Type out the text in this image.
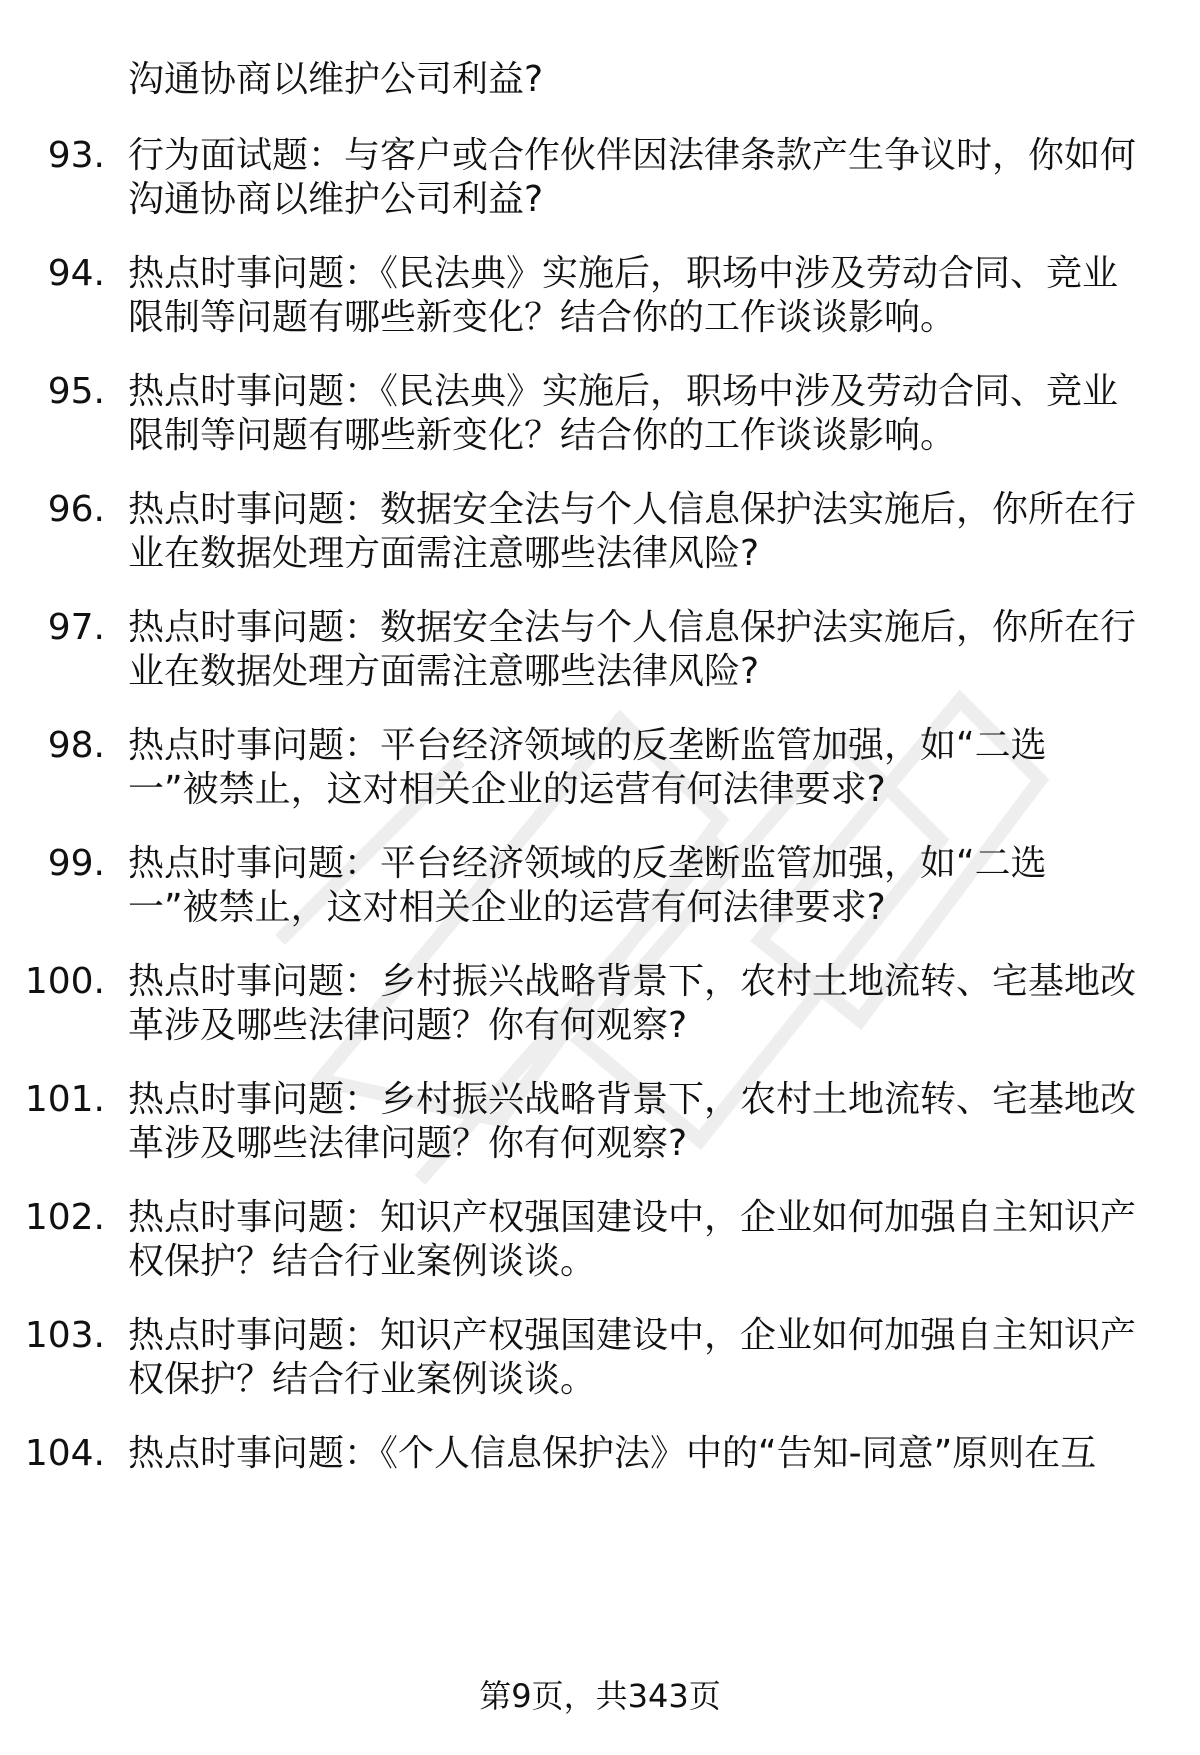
沟通协商以维护公司利益?
93. 行为面试题：与客户或合作伙伴因法律条款产生争议时，你如何
沟通协商以维护公司利益?
94. 热点时事问题：《民法典》实施后，职场中涉及劳动合同、竞业
限制等问题有哪些新变化？结合你的工作谈谈影响。
95. 热点时事问题：《民法典》实施后，职场中涉及劳动合同、竞业
限制等问题有哪些新变化？结合你的工作谈谈影响。
96. 热点时事问题：数据安全法与个人信息保护法实施后，你所在行
业在数据处理方面需注意哪些法律风险?
97. 热点时事问题：数据安全法与个人信息保护法实施后，你所在行
业在数据处理方面需注意哪些法律风险?
98. 热点时事问题：平台经济领域的反垄断监管加强，如“二选
一”被禁止，这对相关企业的运营有何法律要求?
99. 热点时事问题：平台经济领域的反垄断监管加强，如“二选
一”被禁止，这对相关企业的运营有何法律要求?
100. 热点时事问题：乡村振兴战略背景下，农村土地流转、宅基地改
革涉及哪些法律问题？你有何观察?
101. 热点时事问题：乡村振兴战略背景下，农村土地流转、宅基地改
革涉及哪些法律问题？你有何观察?
102. 热点时事问题：知识产权强国建设中，企业如何加强自主知识产
权保护？结合行业案例谈谈。
103. 热点时事问题：知识产权强国建设中，企业如何加强自主知识产
权保护？结合行业案例谈谈。
104. 热点时事问题：《个人信息保护法》中的“告知-同意”原则在互
第9页，共343页
